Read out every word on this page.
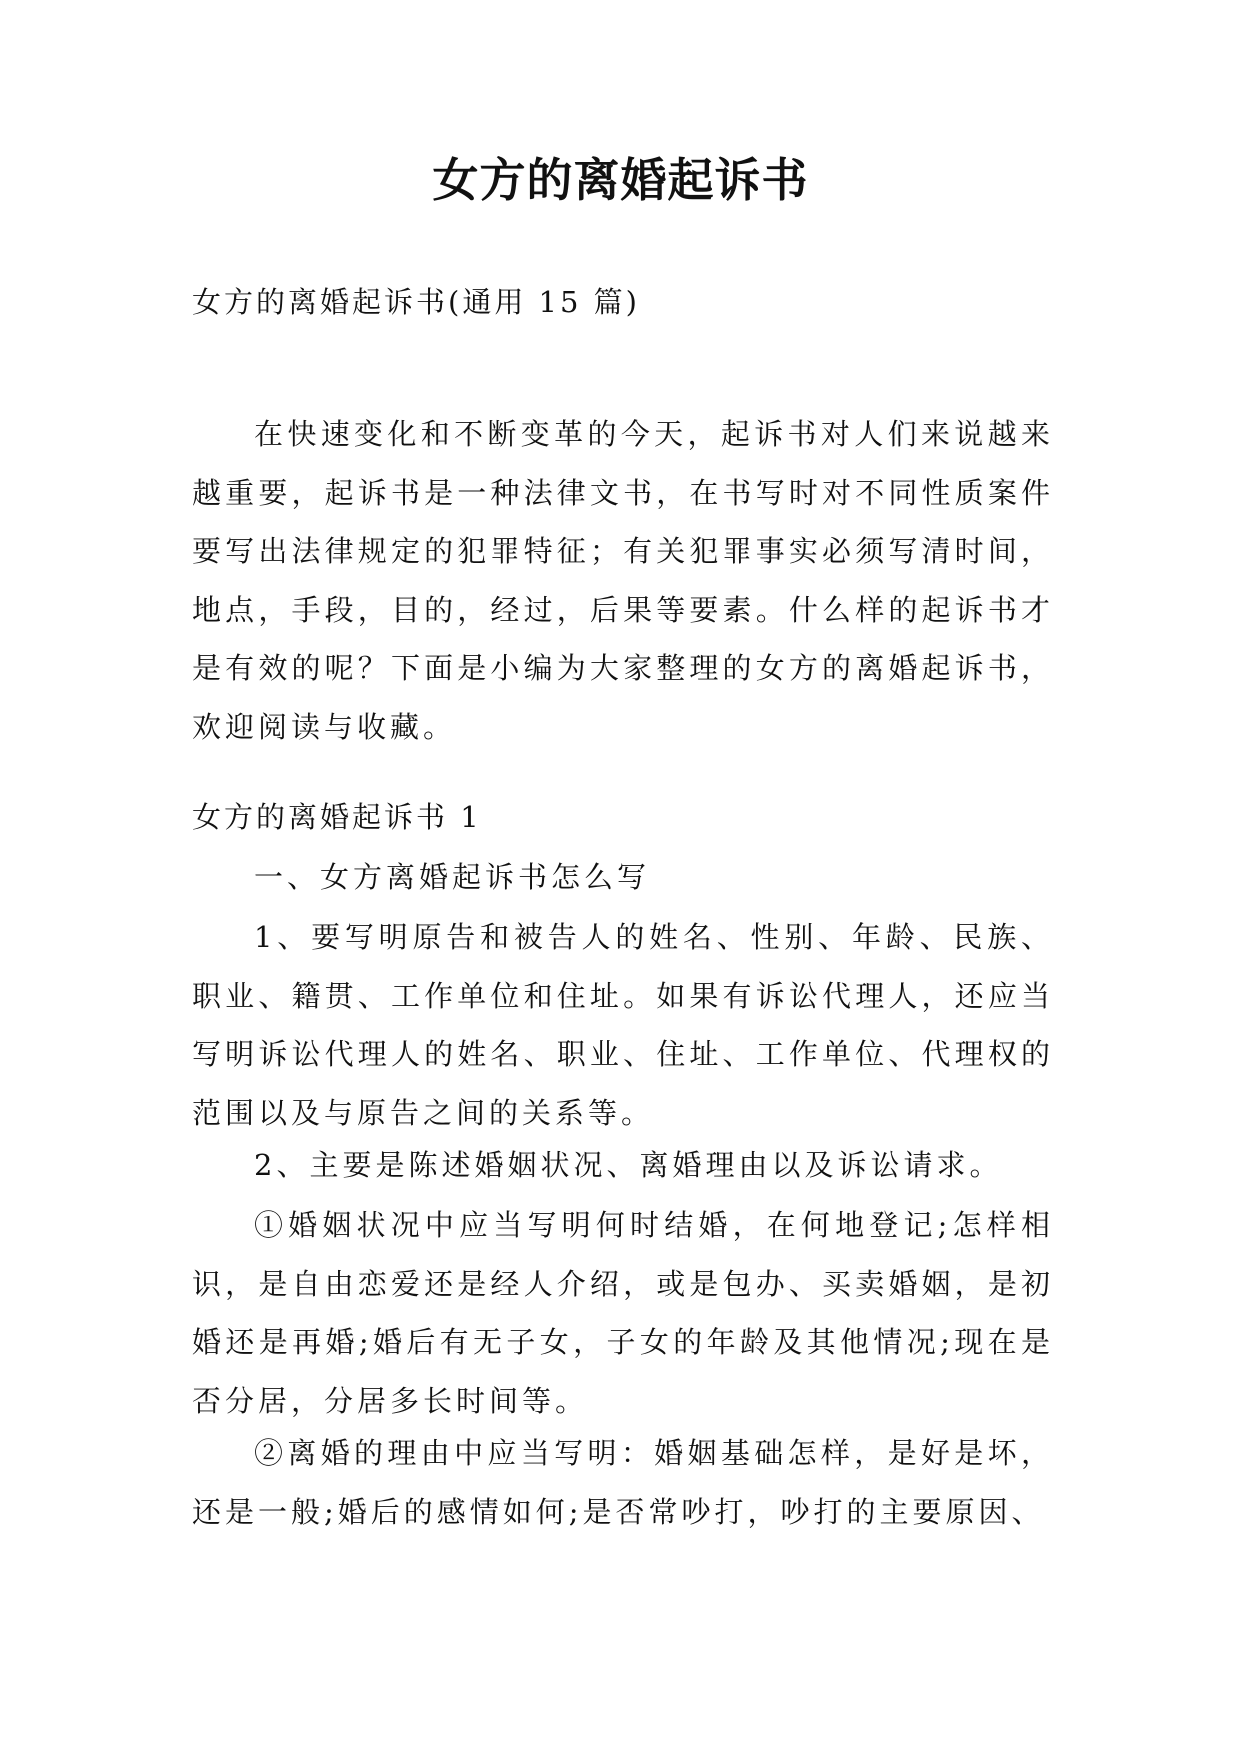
女方的离婚起诉书

女方的离婚起诉书(通用 15 篇)

在快速变化和不断变革的今天，起诉书对人们来说越来越重要，起诉书是一种法律文书，在书写时对不同性质案件要写出法律规定的犯罪特征；有关犯罪事实必须写清时间，地点，手段，目的，经过，后果等要素。什么样的起诉书才是有效的呢？下面是小编为大家整理的女方的离婚起诉书，欢迎阅读与收藏。

女方的离婚起诉书 1

一、女方离婚起诉书怎么写

1、要写明原告和被告人的姓名、性别、年龄、民族、职业、籍贯、工作单位和住址。如果有诉讼代理人，还应当写明诉讼代理人的姓名、职业、住址、工作单位、代理权的范围以及与原告之间的关系等。

2、主要是陈述婚姻状况、离婚理由以及诉讼请求。

①婚姻状况中应当写明何时结婚，在何地登记;怎样相识，是自由恋爱还是经人介绍，或是包办、买卖婚姻，是初婚还是再婚;婚后有无子女，子女的年龄及其他情况;现在是否分居，分居多长时间等。

②离婚的理由中应当写明：婚姻基础怎样，是好是坏，还是一般;婚后的感情如何;是否常吵打，吵打的主要原因、
